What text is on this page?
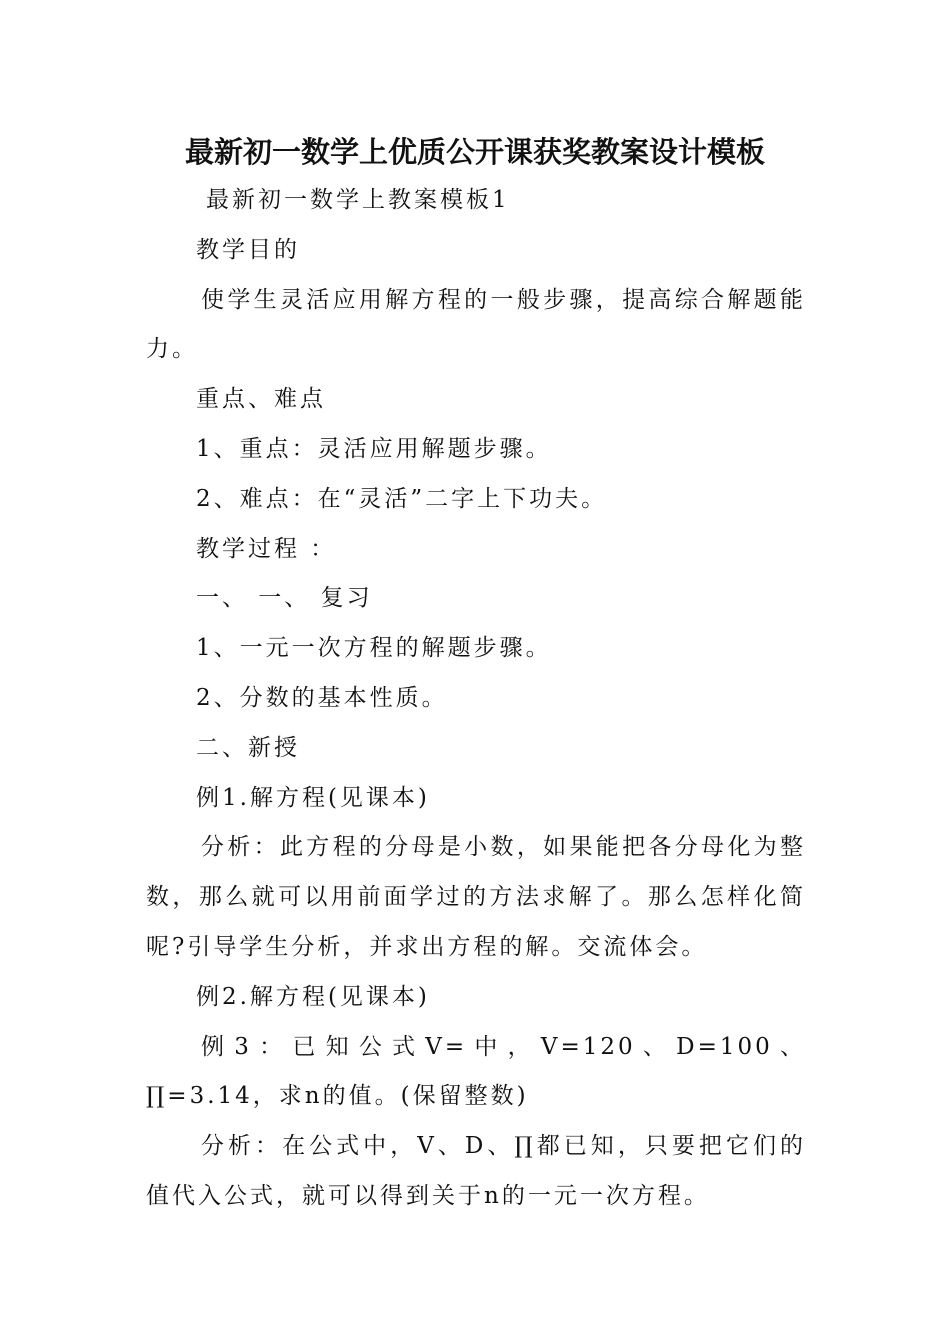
最新初一数学上优质公开课获奖教案设计模板

最新初一数学上教案模板1

教学目的

使学生灵活应用解方程的一般步骤，提高综合解题能力。

重点、难点

1、重点：灵活应用解题步骤。

2、难点：在“灵活”二字上下功夫。

教学过程 ：

一、 一、 复习

1、一元一次方程的解题步骤。

2、分数的基本性质。

二、新授

例1.解方程(见课本)

分析：此方程的分母是小数，如果能把各分母化为整数，那么就可以用前面学过的方法求解了。那么怎样化简呢?引导学生分析，并求出方程的解。交流体会。

例2.解方程(见课本)

例3：已知公式V=中，V=120、D=100、∏=3.14，求n的值。(保留整数)

分析：在公式中，V、D、∏都已知，只要把它们的值代入公式，就可以得到关于n的一元一次方程。
